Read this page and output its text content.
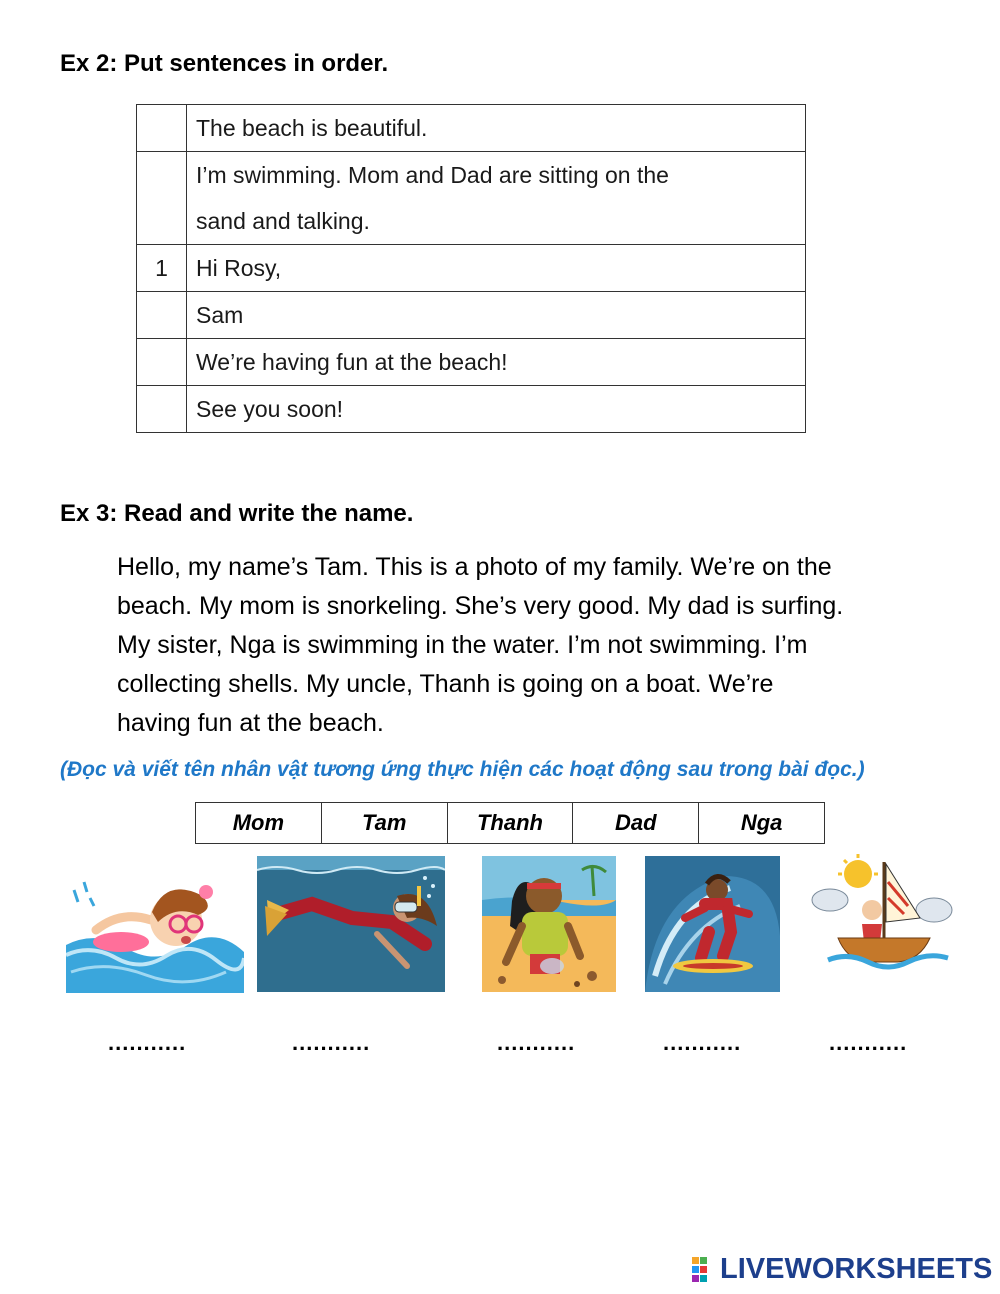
Ex 2: Put sentences in order.
	The beach is beautiful.

	I’m swimming. Mom and Dad are sitting on the
sand and talking.

1	Hi Rosy,
	Sam
	We’re having fun at the beach!
	See you soon!
Ex 3: Read and write the name.
Hello, my name’s Tam. This is a photo of my family. We’re on the
beach. My mom is snorkeling. She’s very good. My dad is surfing.
My sister, Nga is swimming in the water. I’m not swimming. I’m
collecting shells. My uncle, Thanh is going on a boat. We’re
having fun at the beach.
(Đọc và viết tên nhân vật tương ứng thực hiện các hoạt động sau trong bài đọc.)
Mom	Tam	Thanh	Dad	Nga
...........	...........	...........	...........	...........
LIVEWORKSHEETS
